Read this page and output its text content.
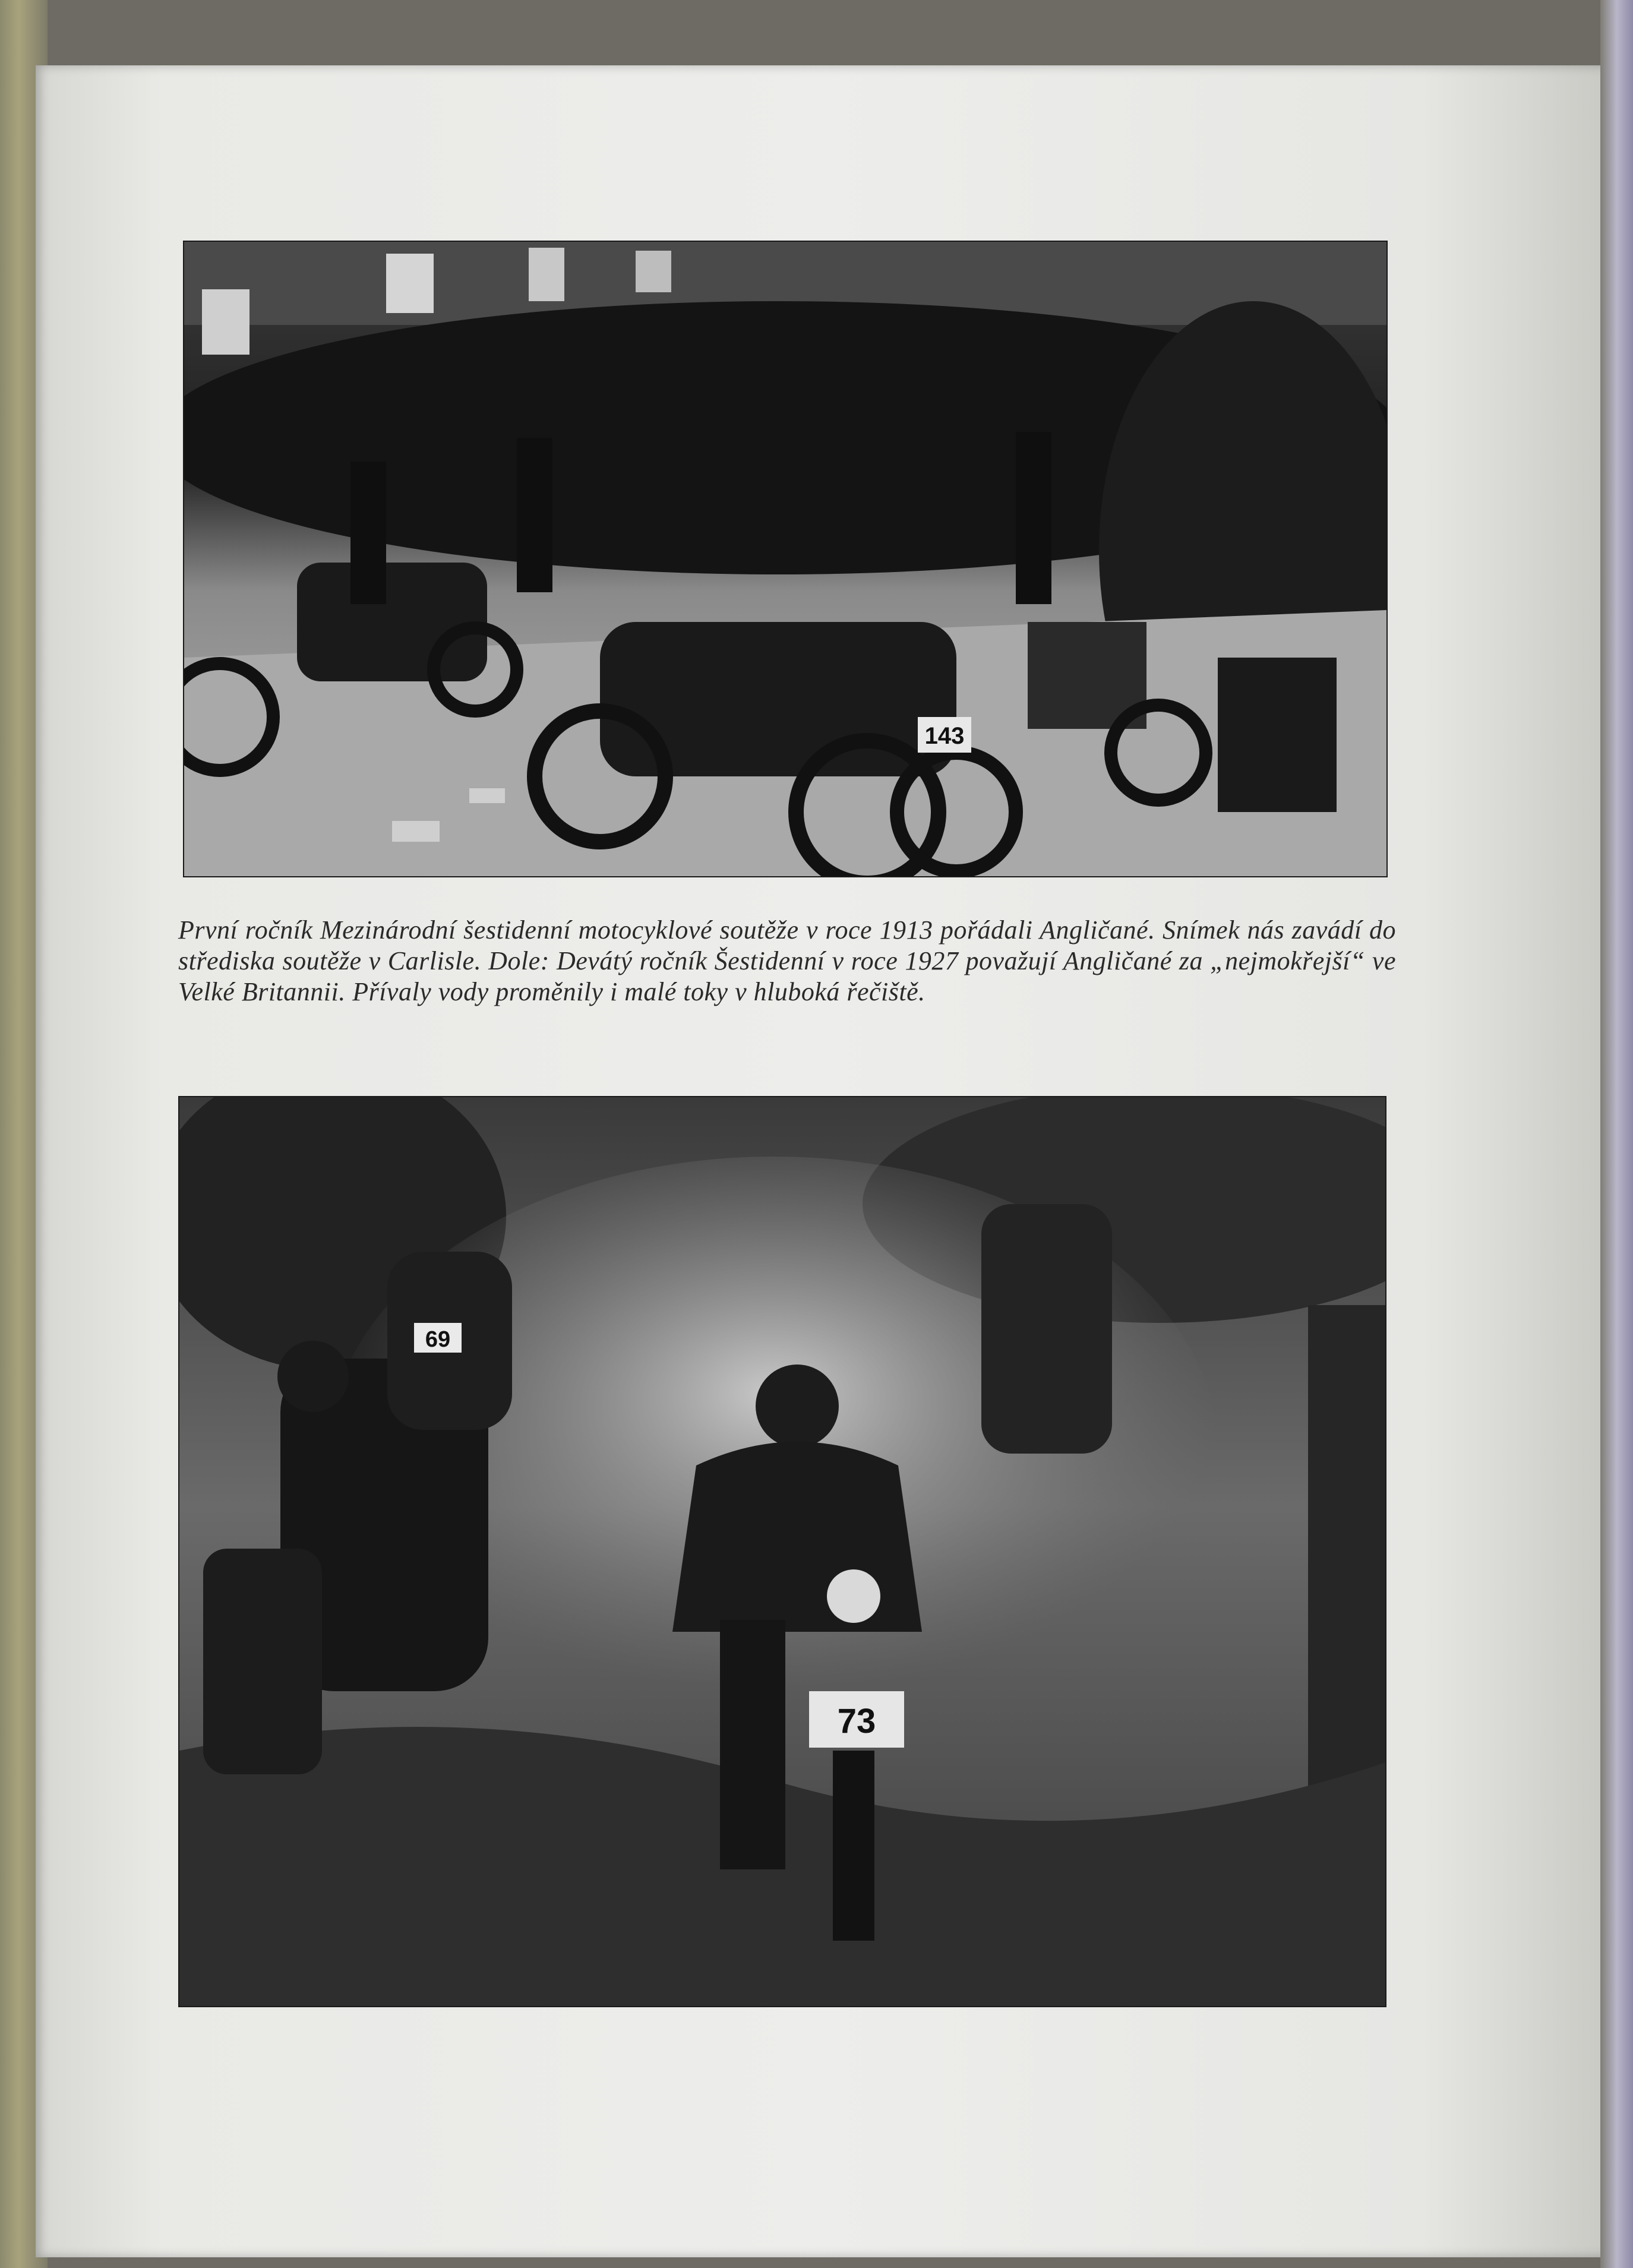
143
První ročník Mezinárodní šestidenní motocyklové soutěže v roce 1913 pořádali Angličané. Snímek nás zavádí do střediska soutěže v Carlisle. Dole: Devátý ročník Šestidenní v roce 1927 považují Angličané za „nejmokřejší“ ve Velké Britannii. Přívaly vody proměnily i malé toky v hluboká řečiště.
69
73
